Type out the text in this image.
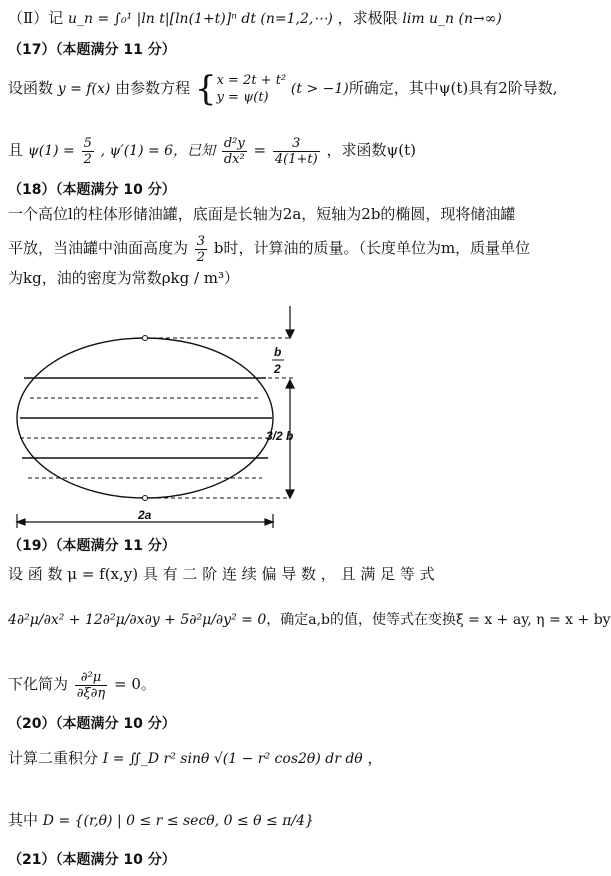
（Ⅱ）记 u_n = ∫₀¹ |ln t|[ln(1+t)]ⁿ dt (n=1,2,⋯) ，求极限 lim u_n (n→∞)
（17）（本题满分 11 分）
设函数 y = f(x) 由参数方程 { x = 2t + t²
y = ψ(t)
(t > −1)所确定，其中ψ(t)具有2阶导数,
且 $\psi(1) = \frac{5}{2}$ , ψ′(1) = 6，已知 $\frac{\text{d²y}}{\text{dx²}} = \frac{3}{4(1+t)}$ ，求函数ψ(t)
（18）（本题满分 10 分）
一个高位l的柱体形储油罐，底面是长轴为2a，短轴为2b的椭圆，现将储油罐
平放，当油罐中油面高度为 $\frac{3}{2}$ b时，计算油的质量。（长度单位为m，质量单位
为kg，油的密度为常数ρkg / m³）
b
2
3/2 b
2a
（19）（本题满分 11 分）
设 函 数 μ = f(x,y) 具 有 二 阶 连 续 偏 导 数 ， 且 满 足 等 式
4∂²μ/∂x² + 12∂²μ/∂x∂y + 5∂²μ/∂y² = 0，确定a,b的值，使等式在变换ξ = x + ay, η = x + by
下化简为 $\frac{\text{∂²μ}}{\partial\xi\partial\eta} = 0$。
（20）（本题满分 10 分）
计算二重积分 I = ∬_D r² sinθ √(1 − r² cos2θ) dr dθ ，
其中 D = {(r,θ) | 0 ≤ r ≤ secθ, 0 ≤ θ ≤ π/4}
（21）（本题满分 10 分）
